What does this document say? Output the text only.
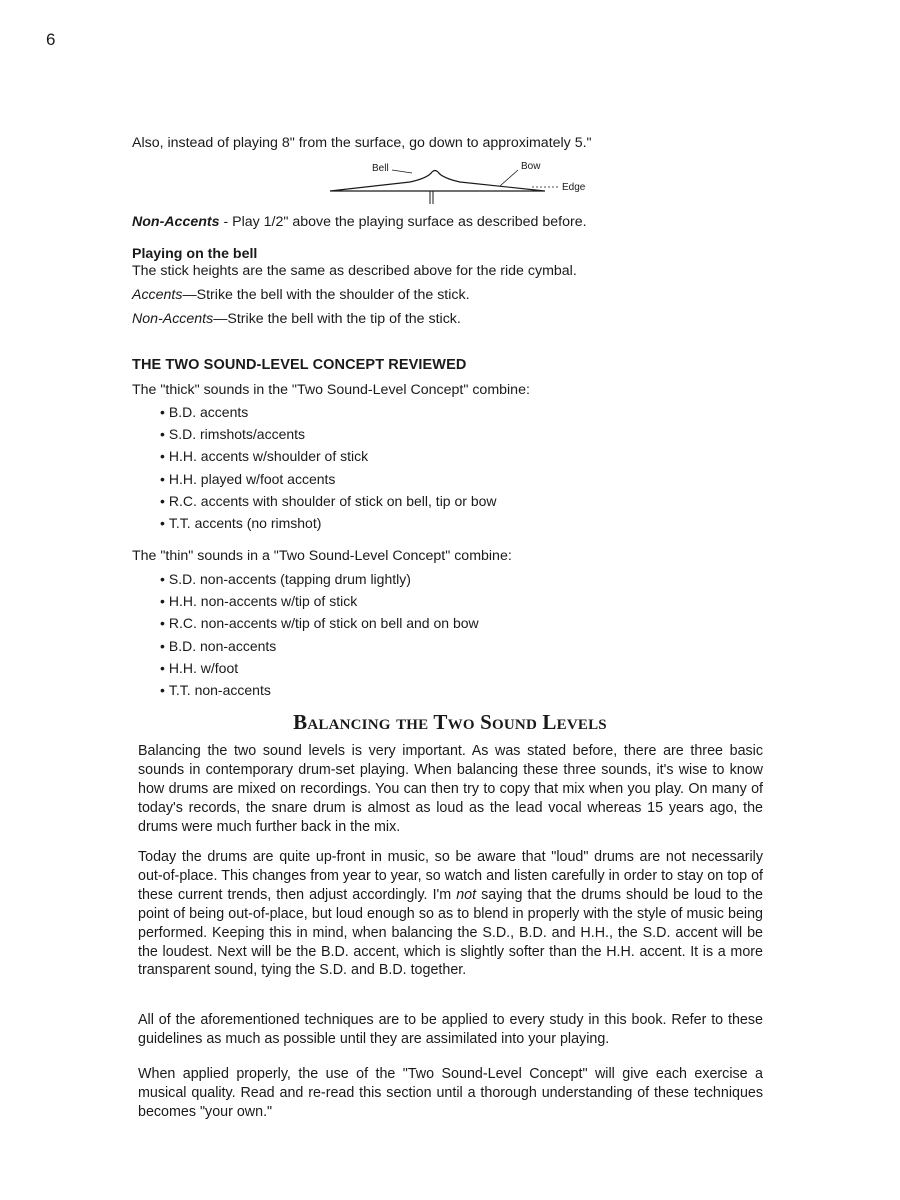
6
Also, instead of playing 8" from the surface, go down to approximately 5."
Bell	Bow
Edge
Non-Accents - Play 1/2" above the playing surface as described before.
Playing on the bell
The stick heights are the same as described above for the ride cymbal.
Accents—Strike the bell with the shoulder of the stick.
Non-Accents—Strike the bell with the tip of the stick.
THE TWO SOUND-LEVEL CONCEPT REVIEWED
The "thick" sounds in the "Two Sound-Level Concept" combine:
• B.D. accents
• S.D. rimshots/accents
• H.H. accents w/shoulder of stick
• H.H. played w/foot accents
• R.C. accents with shoulder of stick on bell, tip or bow
• T.T. accents (no rimshot)
The "thin" sounds in a "Two Sound-Level Concept" combine:
• S.D. non-accents (tapping drum lightly)
• H.H. non-accents w/tip of stick
• R.C. non-accents w/tip of stick on bell and on bow
• B.D. non-accents
• H.H. w/foot
• T.T. non-accents
Balancing the Two Sound Levels

Balancing the two sound levels is very important. As was stated before, there are three basic sounds in contemporary drum-set playing. When balancing these three sounds, it's wise to know how drums are mixed on recordings. You can then try to copy that mix when you play. On many of today's records, the snare drum is almost as loud as the lead vocal whereas 15 years ago, the drums were much further back in the mix.

Today the drums are quite up-front in music, so be aware that "loud" drums are not necessarily out-of-place. This changes from year to year, so watch and listen carefully in order to stay on top of these current trends, then adjust accordingly. I'm not saying that the drums should be loud to the point of being out-of-place, but loud enough so as to blend in properly with the style of music being performed. Keeping this in mind, when balancing the S.D., B.D. and H.H., the S.D. accent will be the loudest. Next will be the B.D. accent, which is slightly softer than the H.H. accent. It is a more transparent sound, tying the S.D. and B.D. together.

All of the aforementioned techniques are to be applied to every study in this book. Refer to these guidelines as much as possible until they are assimilated into your playing.

When applied properly, the use of the "Two Sound-Level Concept" will give each exercise a musical quality. Read and re-read this section until a thorough understanding of these techniques becomes "your own."
